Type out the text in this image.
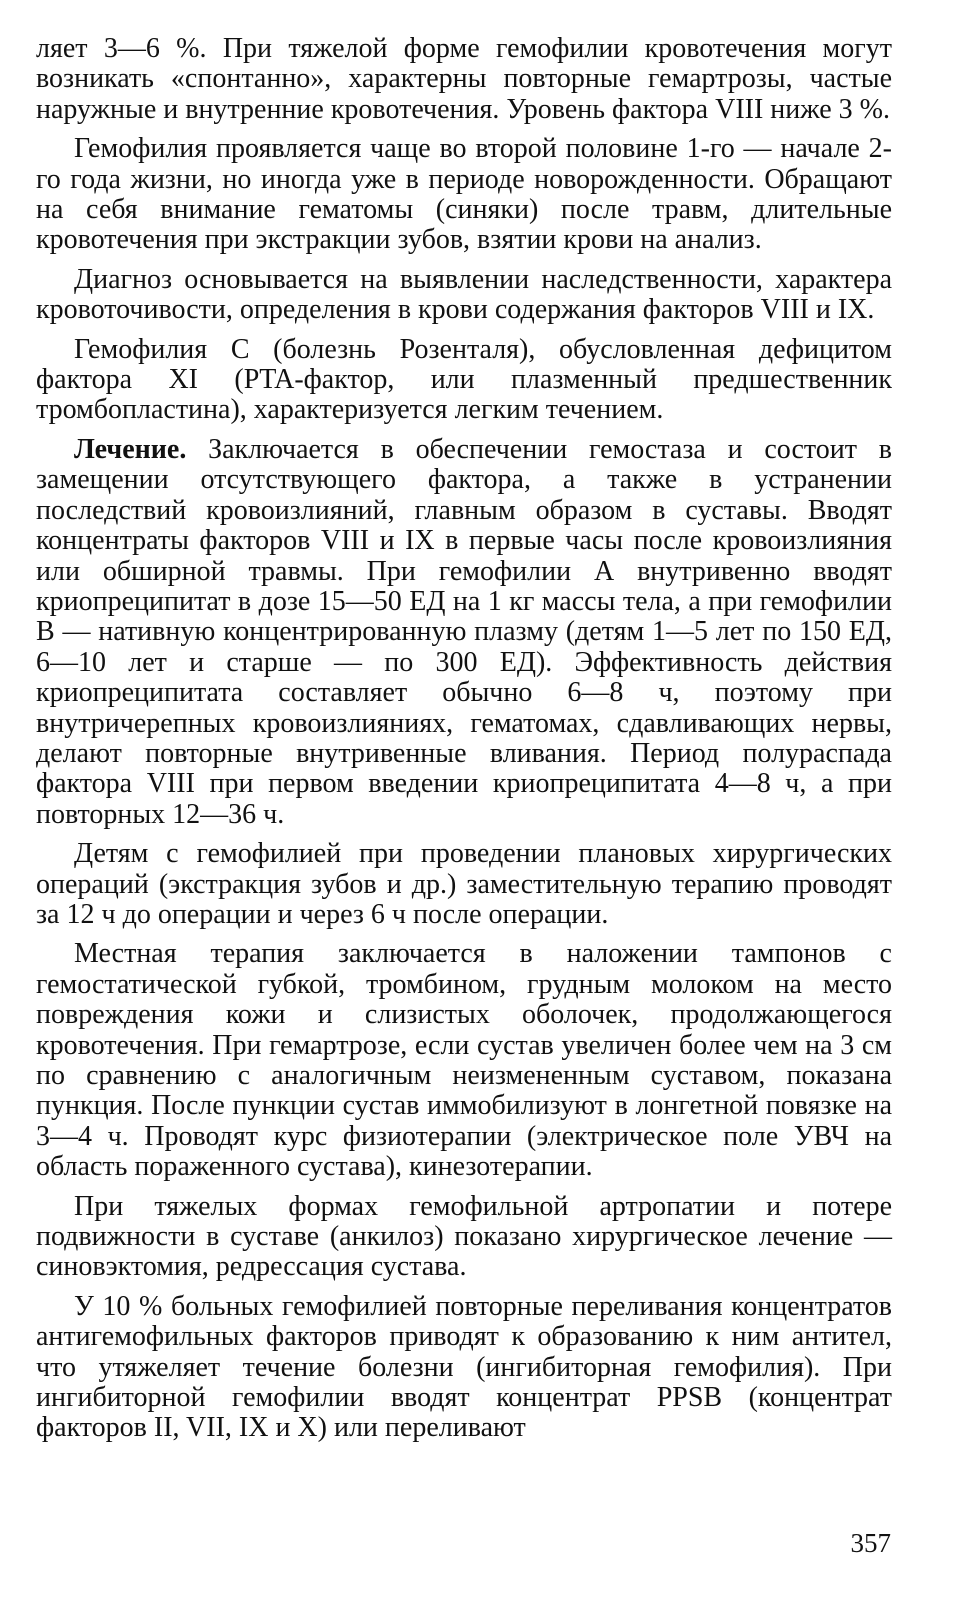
ляет 3—6 %. При тяжелой форме гемофилии кровотечения могут возникать «спонтанно», характерны повторные гемартрозы, частые наружные и внутренние кровотечения. Уровень фактора VIII ниже 3 %.

Гемофилия проявляется чаще во второй половине 1-го — начале 2-го года жизни, но иногда уже в периоде новорожденности. Обращают на себя внимание гематомы (синяки) после травм, длительные кровотечения при экстракции зубов, взятии крови на анализ.

Диагноз основывается на выявлении наследственности, характера кровоточивости, определения в крови содержания факторов VIII и IX.

Гемофилия С (болезнь Розенталя), обусловленная дефицитом фактора XI (PTA-фактор, или плазменный предшественник тромбопластина), характеризуется легким течением.

Лечение. Заключается в обеспечении гемостаза и состоит в замещении отсутствующего фактора, а также в устранении последствий кровоизлияний, главным образом в суставы. Вводят концентраты факторов VIII и IX в первые часы после кровоизлияния или обширной травмы. При гемофилии А внутривенно вводят криопреципитат в дозе 15—50 ЕД на 1 кг массы тела, а при гемофилии В — нативную концентрированную плазму (детям 1—5 лет по 150 ЕД, 6—10 лет и старше — по 300 ЕД). Эффективность действия криопреципитата составляет обычно 6—8 ч, поэтому при внутричерепных кровоизлияниях, гематомах, сдавливающих нервы, делают повторные внутривенные вливания. Период полураспада фактора VIII при первом введении криопреципитата 4—8 ч, а при повторных 12—36 ч.

Детям с гемофилией при проведении плановых хирургических операций (экстракция зубов и др.) заместительную терапию проводят за 12 ч до операции и через 6 ч после операции.

Местная терапия заключается в наложении тампонов с гемостатической губкой, тромбином, грудным молоком на место повреждения кожи и слизистых оболочек, продолжающегося кровотечения. При гемартрозе, если сустав увеличен более чем на 3 см по сравнению с аналогичным неизмененным суставом, показана пункция. После пункции сустав иммобилизуют в лонгетной повязке на 3—4 ч. Проводят курс физиотерапии (электрическое поле УВЧ на область пораженного сустава), кинезотерапии.

При тяжелых формах гемофильной артропатии и потере подвижности в суставе (анкилоз) показано хирургическое лечение — синовэктомия, редрессация сустава.

У 10 % больных гемофилией повторные переливания концентратов антигемофильных факторов приводят к образованию к ним антител, что утяжеляет течение болезни (ингибиторная гемофилия). При ингибиторной гемофилии вводят концентрат PPSB (концентрат факторов II, VII, IX и X) или переливают

357
